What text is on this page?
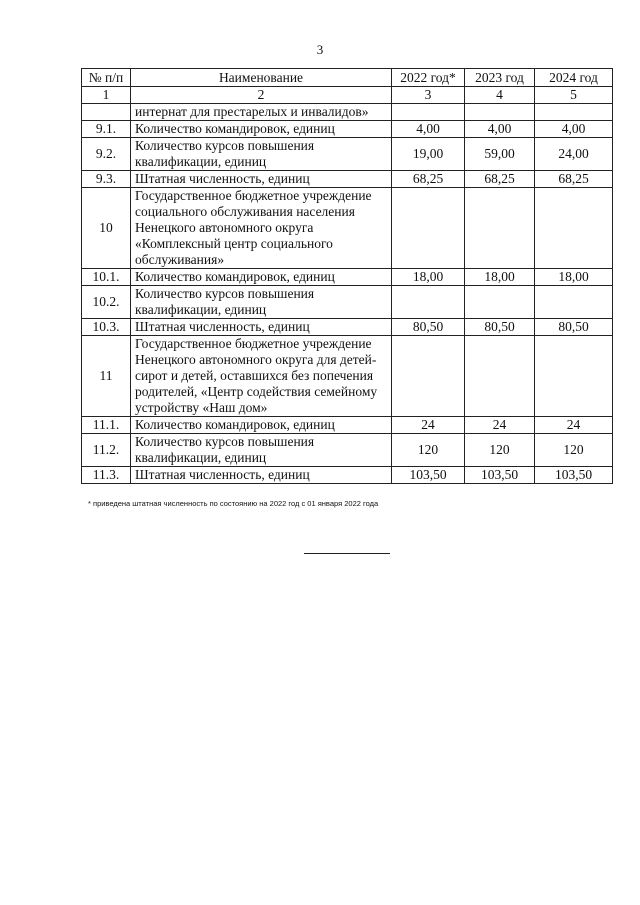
3
№ п/п	Наименование	2022 год*	2023 год	2024 год
1	2	3	4	5
	интернат для престарелых и инвалидов»			
9.1.	Количество командировок, единиц	4,00	4,00	4,00
9.2.	Количество курсов повышения квалификации, единиц	19,00	59,00	24,00
9.3.	Штатная численность, единиц	68,25	68,25	68,25
10	Государственное бюджетное учреждение социального обслуживания населения Ненецкого автономного округа «Комплексный центр социального обслуживания»			
10.1.	Количество командировок, единиц	18,00	18,00	18,00
10.2.	Количество курсов повышения квалификации, единиц			
10.3.	Штатная численность, единиц	80,50	80,50	80,50
11	Государственное бюджетное учреждение Ненецкого автономного округа для детей-сирот и детей, оставшихся без попечения родителей, «Центр содействия семейному устройству «Наш дом»			
11.1.	Количество командировок, единиц	24	24	24
11.2.	Количество курсов повышения квалификации, единиц	120	120	120
11.3.	Штатная численность, единиц	103,50	103,50	103,50
* приведена штатная численность по состоянию на 2022 год с 01 января 2022 года
